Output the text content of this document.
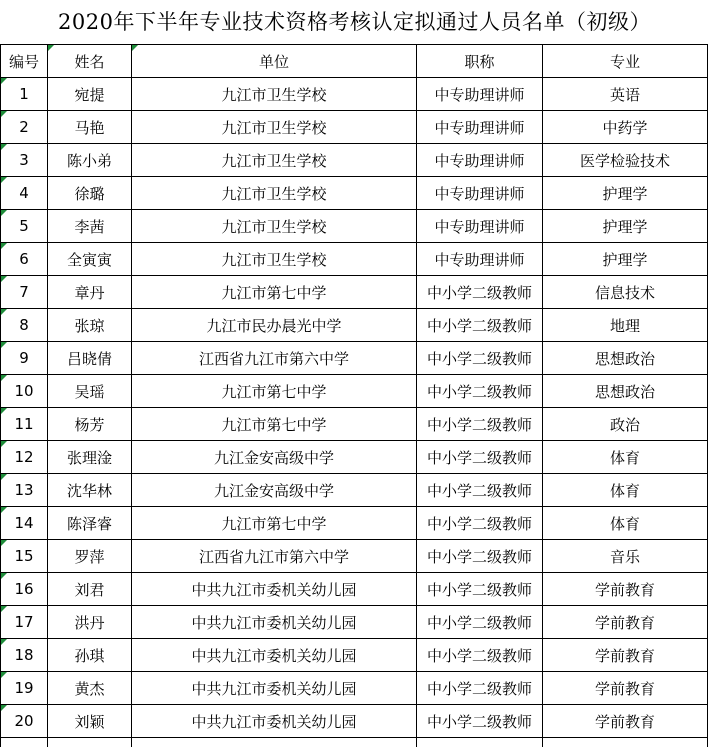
2020年下半年专业技术资格考核认定拟通过人员名单（初级）
编号	姓名	单位	职称	专业
1	宛提	九江市卫生学校	中专助理讲师	英语
2	马艳	九江市卫生学校	中专助理讲师	中药学
3	陈小弟	九江市卫生学校	中专助理讲师	医学检验技术
4	徐璐	九江市卫生学校	中专助理讲师	护理学
5	李茜	九江市卫生学校	中专助理讲师	护理学
6	全寅寅	九江市卫生学校	中专助理讲师	护理学
7	章丹	九江市第七中学	中小学二级教师	信息技术
8	张琼	九江市民办晨光中学	中小学二级教师	地理
9	吕晓倩	江西省九江市第六中学	中小学二级教师	思想政治
10	吴瑶	九江市第七中学	中小学二级教师	思想政治
11	杨芳	九江市第七中学	中小学二级教师	政治
12	张理淦	九江金安高级中学	中小学二级教师	体育
13	沈华林	九江金安高级中学	中小学二级教师	体育
14	陈泽睿	九江市第七中学	中小学二级教师	体育
15	罗萍	江西省九江市第六中学	中小学二级教师	音乐
16	刘君	中共九江市委机关幼儿园	中小学二级教师	学前教育
17	洪丹	中共九江市委机关幼儿园	中小学二级教师	学前教育
18	孙琪	中共九江市委机关幼儿园	中小学二级教师	学前教育
19	黄杰	中共九江市委机关幼儿园	中小学二级教师	学前教育
20	刘颖	中共九江市委机关幼儿园	中小学二级教师	学前教育
